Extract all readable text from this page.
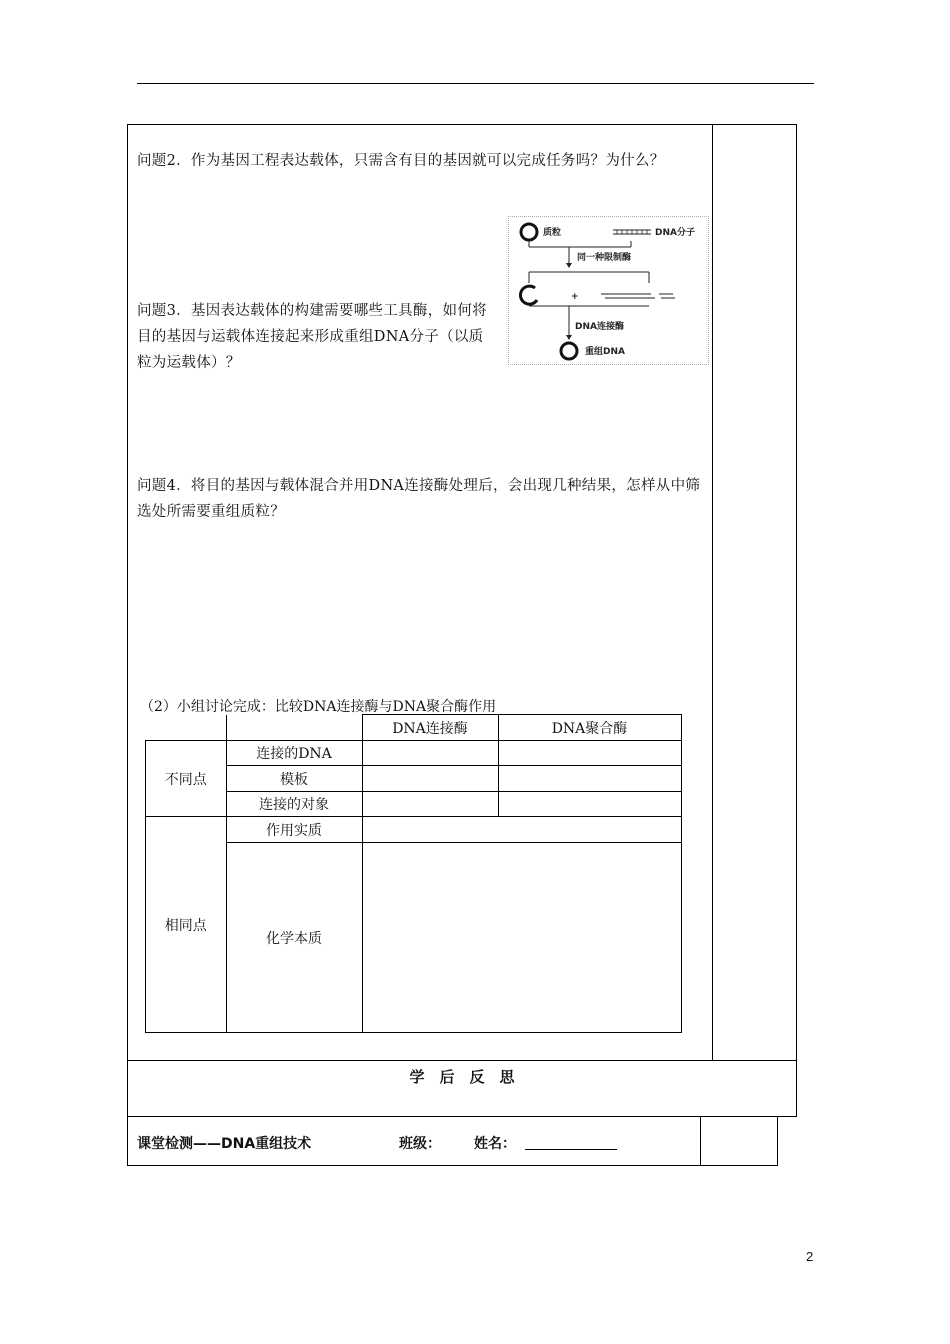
问题2．作为基因工程表达载体，只需含有目的基因就可以完成任务吗？为什么？
质粒	DNA分子
同一种限制酶
+
DNA连接酶
重组DNA
问题3．基因表达载体的构建需要哪些工具酶，如何将目的基因与运载体连接起来形成重组DNA分子（以质粒为运载体）？
问题4．将目的基因与载体混合并用DNA连接酶处理后，会出现几种结果，怎样从中筛选处所需要重组质粒？
（2）小组讨论完成：比较DNA连接酶与DNA聚合酶作用
		DNA连接酶	DNA聚合酶
不同点	连接的DNA		
	模板		
	连接的对象		
相同点	作用实质		
	化学本质		
学　后　反　思
课堂检测——DNA重组技术	班级： 姓名：
2
